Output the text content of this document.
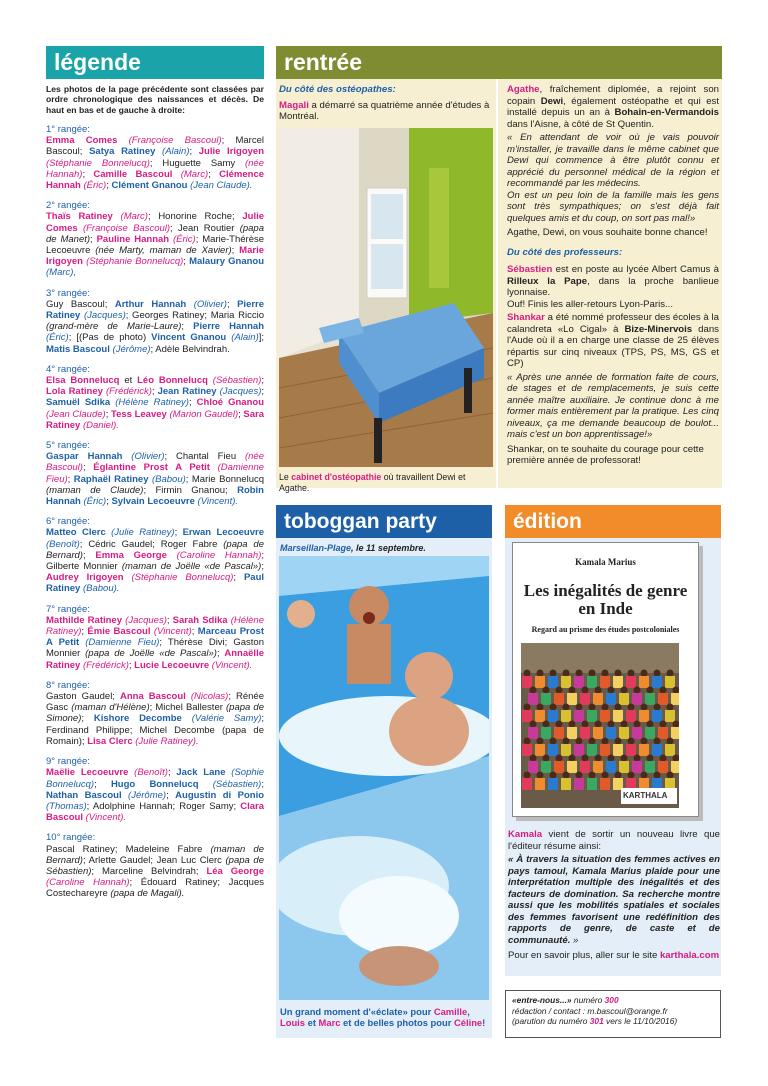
légende

Les photos de la page précédente sont classées par ordre chronologique des naissances et décès. De haut en bas et de gauche à droite:

1° rangée:

Emma Comes (Françoise Bascoul); Marcel Bascoul; Satya Ratiney (Alain); Julie Irigoyen (Stéphanie Bonnelucq); Huguette Samy (née Hannah); Camille Bascoul (Marc); Clémence Hannah (Éric); Clément Gnanou (Jean Claude).

2° rangée:

Thaïs Ratiney (Marc); Honorine Roche; Julie Comes (Françoise Bascoul); Jean Routier (papa de Manet); Pauline Hannah (Éric); Marie-Thérèse Lecoeuvre (née Marty, maman de Xavier); Marie Irigoyen (Stéphanie Bonnelucq); Malaury Gnanou (Marc),

3° rangée:

Guy Bascoul; Arthur Hannah (Olivier); Pierre Ratiney (Jacques); Georges Ratiney; Maria Riccio (grand-mère de Marie-Laure); Pierre Hannah (Éric); [(Pas de photo) Vincent Gnanou (Alain)]; Matis Bascoul (Jérôme); Adèle Belvindrah.

4° rangée:

Elsa Bonnelucq et Léo Bonnelucq (Sébastien); Lola Ratiney (Frédérick); Jean Ratiney (Jacques); Samuël Sdika (Hélène Ratiney); Chloé Gnanou (Jean Claude); Tess Leavey (Marion Gaudel); Sara Ratiney (Daniel).

5° rangée:

Gaspar Hannah (Olivier); Chantal Fieu (née Bascoul); Églantine Prost A Petit (Damienne Fieu); Raphaël Ratiney (Babou); Marie Bonnelucq (maman de Claude); Firmin Gnanou; Robin Hannah (Éric); Sylvain Lecoeuvre (Vincent).

6° rangée:

Matteo Clerc (Julie Ratiney); Erwan Lecoeuvre (Benoît); Cédric Gaudel; Roger Fabre (papa de Bernard); Emma George (Caroline Hannah); Gilberte Monnier (maman de Joëlle «de Pascal»); Audrey Irigoyen (Stéphanie Bonnelucq); Paul Ratiney (Babou).

7° rangée:

Mathilde Ratiney (Jacques); Sarah Sdika (Hélène Ratiney); Émie Bascoul (Vincent); Marceau Prost A Petit (Damienne Fieu); Thérèse Divi; Gaston Monnier (papa de Joëlle «de Pascal»); Annaëlle Ratiney (Frédérick); Lucie Lecoeuvre (Vincent).

8° rangée:

Gaston Gaudel; Anna Bascoul (Nicolas); Rénée Gasc (maman d'Hélène); Michel Ballester (papa de Simone); Kishore Decombe (Valérie Samy); Ferdinand Philippe; Michel Decombe (papa de Romain); Lisa Clerc (Julie Ratiney).

9° rangée:

Maëlie Lecoeuvre (Benoît); Jack Lane (Sophie Bonnelucq); Hugo Bonnelucq (Sébastien); Nathan Bascoul (Jérôme); Augustin di Ponio (Thomas); Adolphine Hannah; Roger Samy; Clara Bascoul (Vincent).

10° rangée:

Pascal Ratiney; Madeleine Fabre (maman de Bernard); Arlette Gaudel; Jean Luc Clerc (papa de Sébastien); Marceline Belvindrah; Léa George (Caroline Hannah); Édouard Ratiney; Jacques Costechareyre (papa de Magali).

rentrée

Du côté des ostéopathes:

Magali a démarré sa quatrième année d'études à Montréal.

Le cabinet d'ostéopathie où travaillent Dewi et Agathe.

Agathe, fraîchement diplomée, a rejoint son copain Dewi, également ostéopathe et qui est installé depuis un an à Bohain-en-Vermandois dans l'Aisne, à côté de St Quentin.

« En attendant de voir où je vais pouvoir m'installer, je travaille dans le même cabinet que Dewi qui commence à être plutôt connu et apprécié du personnel médical de la région et recommandé par les médecins.
On est un peu loin de la famille mais les gens sont très sympathiques; on s'est déjà fait quelques amis et du coup, on sort pas mal!»

Agathe, Dewi, on vous souhaite bonne chance!

Du côté des professeurs:

Sébastien est en poste au lycée Albert Camus à Rilleux la Pape, dans la proche banlieue lyonnaise.

Ouf! Finis les aller-retours Lyon-Paris...

Shankar a été nommé professeur des écoles à la calandreta «Lo Cigal» à Bize-Minervois dans l'Aude où il a en charge une classe de 25 élèves répartis sur cinq niveaux (TPS, PS, MS, GS et CP)

« Après une année de formation faite de cours, de stages et de remplacements, je suis cette année maître auxiliaire. Je continue donc à me former mais entièrement par la pratique. Les cinq niveaux, ça me demande beaucoup de boulot... mais c'est un bon apprentissage!»

Shankar, on te souhaite du courage pour cette première année de professorat!

toboggan party
Marseillan-Plage, le 11 septembre.
Un grand moment d'«éclate» pour Camille, Louis et Marc et de belles photos pour Céline!
édition
Kamala Marius
Les inégalités de genre en Inde
Regard au prisme des études postcoloniales
KARTHALA

Kamala vient de sortir un nouveau livre que l'éditeur résume ainsi:

« À travers la situation des femmes actives en pays tamoul, Kamala Marius plaide pour une interprétation multiple des inégalités et des facteurs de domination. Sa recherche montre aussi que les mobilités spatiales et sociales des femmes favorisent une redéfinition des rapports de genre, de caste et de communauté. »

Pour en savoir plus, aller sur le site karthala.com

«entre-nous...» numéro 300

rédaction / contact : m.bascoul@orange.fr

(parution du numéro 301 vers le 11/10/2016)
